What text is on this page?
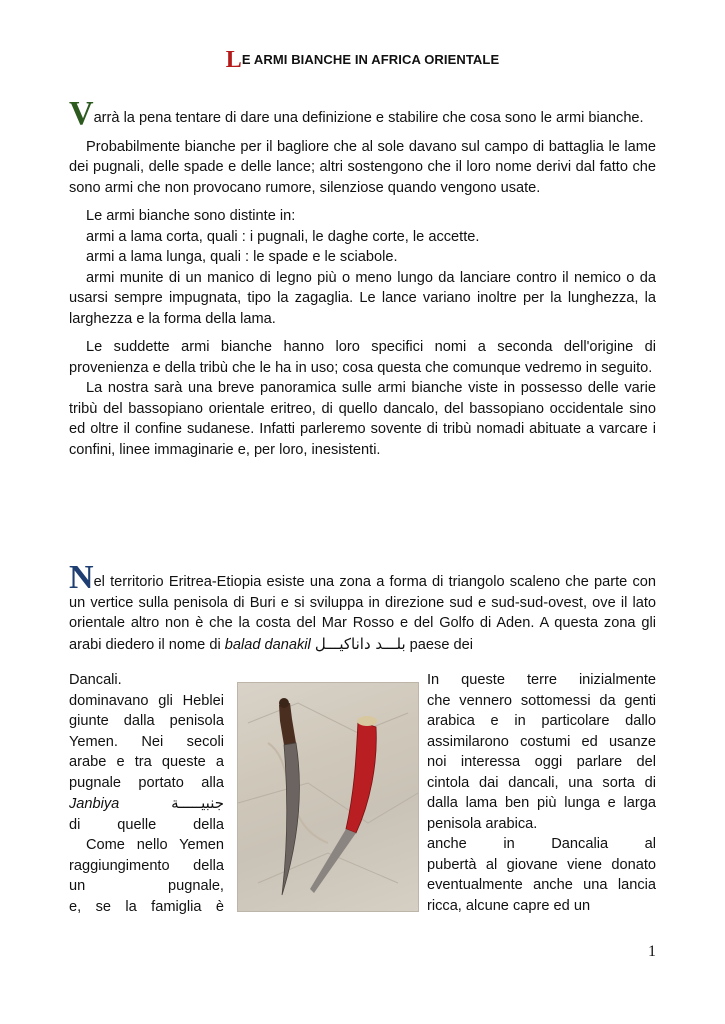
LE ARMI BIANCHE IN AFRICA ORIENTALE

Varrà la pena tentare di dare una definizione e stabilire che cosa sono le armi bianche.

Probabilmente bianche per il bagliore che al sole davano sul campo di battaglia le lame dei pugnali, delle spade e delle lance; altri sostengono che il loro nome derivi dal fatto che sono armi che non provocano rumore, silenziose quando vengono usate.

Le armi bianche sono distinte in:

armi a lama corta, quali : i pugnali, le daghe corte, le accette.

armi a lama lunga, quali : le spade e le sciabole.

armi munite di un manico di legno più o meno lungo da lanciare contro il nemico o da usarsi sempre impugnata, tipo la zagaglia. Le lance variano inoltre per la lunghezza, la larghezza e la forma della lama.

Le suddette armi bianche hanno loro specifici nomi a seconda dell'origine di provenienza e della tribù che le ha in uso; cosa questa che comunque vedremo in seguito.

La nostra sarà una breve panoramica sulle armi bianche viste in possesso delle varie tribù del bassopiano orientale eritreo, di quello dancalo, del bassopiano occidentale sino ed oltre il confine sudanese. Infatti parleremo sovente di tribù nomadi abituate a varcare i confini, linee immaginarie e, per loro, inesistenti.

Nel territorio Eritrea-Etiopia esiste una zona a forma di triangolo scaleno che parte con un vertice sulla penisola di Buri e si sviluppa in direzione sud e sud-sud-ovest, ove il lato orientale altro non è che la costa del Mar Rosso e del Golfo di Aden. A questa zona gli arabi diedero il nome di balad danakil بلـــد داناكيـــل paese dei

Dancali.

dominavano gli Heblei

giunte dalla penisola

Yemen. Nei secoli

arabe e tra queste a

pugnale portato alla

Janbiya	جنبيـــــة

di quelle della

Come nello Yemen

raggiungimento della

un pugnale,

e, se la famiglia è

In queste terre inizialmente

che vennero sottomessi da genti

arabica e in particolare dallo

assimilarono costumi ed usanze

noi interessa oggi parlare del

cintola dai dancali, una sorta di

dalla lama ben più lunga e larga

penisola arabica.

anche in Dancalia al

pubertà al giovane viene donato

eventualmente anche una lancia

ricca, alcune capre ed un

1
